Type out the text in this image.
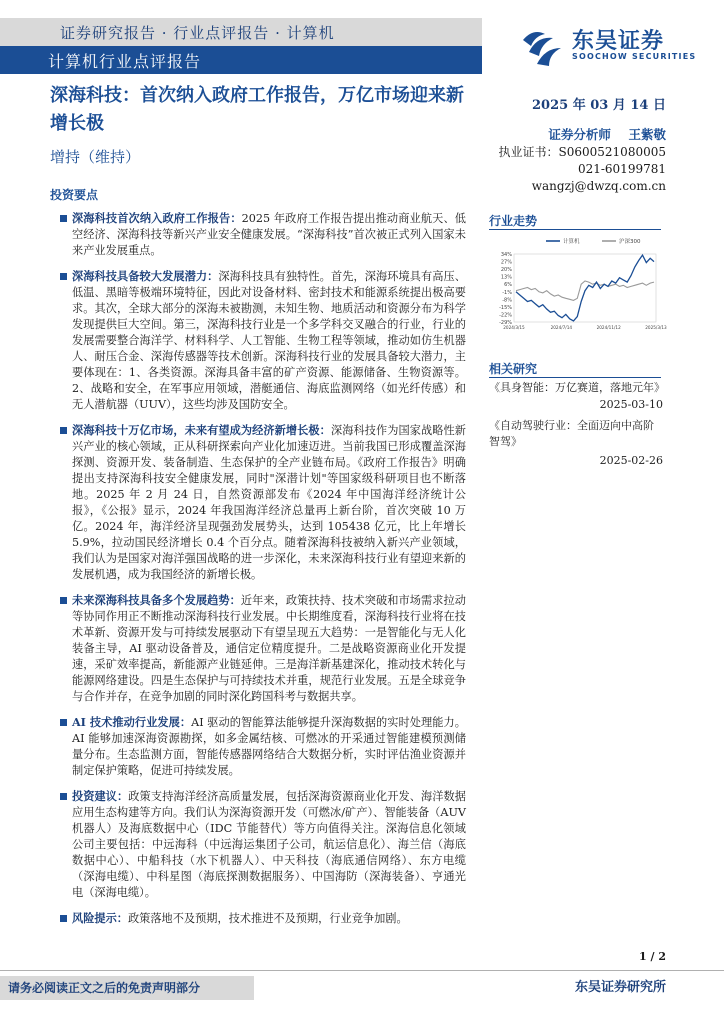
证券研究报告 · 行业点评报告 · 计算机
计算机行业点评报告
东吴证券
SOOCHOW SECURITIES
深海科技：首次纳入政府工作报告，万亿市场迎来新增长极
增持（维持）
2025 年 03 月 14 日
证券分析师 王紫敬
执业证书：S0600521080005
021-60199781
wangzj@dwzq.com.cn
投资要点
深海科技首次纳入政府工作报告：2025 年政府工作报告提出推动商业航天、低空经济、深海科技等新兴产业安全健康发展。“深海科技”首次被正式列入国家未来产业发展重点。
深海科技具备较大发展潜力：深海科技具有独特性。首先，深海环境具有高压、低温、黑暗等极端环境特征，因此对设备材料、密封技术和能源系统提出极高要求。其次，全球大部分的深海未被勘测，未知生物、地质活动和资源分布为科学发现提供巨大空间。第三，深海科技行业是一个多学科交叉融合的行业，行业的发展需要整合海洋学、材料科学、人工智能、生物工程等领域，推动如仿生机器人、耐压合金、深海传感器等技术创新。深海科技行业的发展具备较大潜力，主要体现在：1、各类资源。深海具备丰富的矿产资源、能源储备、生物资源等。2、战略和安全，在军事应用领域，潜艇通信、海底监测网络（如光纤传感）和无人潜航器（UUV），这些均涉及国防安全。
深海科技十万亿市场，未来有望成为经济新增长极：深海科技作为国家战略性新兴产业的核心领域，正从科研探索向产业化加速迈进。当前我国已形成覆盖深海探测、资源开发、装备制造、生态保护的全产业链布局。《政府工作报告》明确提出支持深海科技安全健康发展，同时"深潜计划"等国家级科研项目也不断落地。2025 年 2 月 24 日，自然资源部发布《2024 年中国海洋经济统计公报》，《公报》显示，2024 年我国海洋经济总量再上新台阶，首次突破 10 万亿。2024 年，海洋经济呈现强劲发展势头，达到 105438 亿元，比上年增长 5.9%，拉动国民经济增长 0.4 个百分点。随着深海科技被纳入新兴产业领域，我们认为是国家对海洋强国战略的进一步深化，未来深海科技行业有望迎来新的发展机遇，成为我国经济的新增长极。
未来深海科技具备多个发展趋势：近年来，政策扶持、技术突破和市场需求拉动等协同作用正不断推动深海科技行业发展。中长期维度看，深海科技行业将在技术革新、资源开发与可持续发展驱动下有望呈现五大趋势：一是智能化与无人化装备主导，AI 驱动设备普及，通信定位精度提升。二是战略资源商业化开发提速，采矿效率提高，新能源产业链延伸。三是海洋新基建深化，推动技术转化与能源网络建设。四是生态保护与可持续技术并重，规范行业发展。五是全球竞争与合作并存，在竞争加剧的同时深化跨国科考与数据共享。
AI 技术推动行业发展：AI 驱动的智能算法能够提升深海数据的实时处理能力。AI 能够加速深海资源勘探，如多金属结核、可燃冰的开采通过智能建模预测储量分布。生态监测方面，智能传感器网络结合大数据分析，实时评估渔业资源并制定保护策略，促进可持续发展。
投资建议：政策支持海洋经济高质量发展，包括深海资源商业化开发、海洋数据应用生态构建等方向。我们认为深海资源开发（可燃冰/矿产）、智能装备（AUV 机器人）及海底数据中心（IDC 节能替代）等方向值得关注。深海信息化领域公司主要包括：中远海科（中远海运集团子公司，航运信息化）、海兰信（海底数据中心）、中船科技（水下机器人）、中天科技（海底通信网络）、东方电缆（深海电缆）、中科星图（海底探测数据服务）、中国海防（深海装备）、亨通光电（深海电缆）。
风险提示：政策落地不及预期，技术推进不及预期，行业竞争加剧。
行业走势
34%
27%
20%
13%
6%
-1%
-8%
-15%
-22%
-29%
2024/3/15	2024/7/14	2024/11/12	2025/3/13
计算机	沪深300
相关研究
《具身智能：万亿赛道，落地元年》
2025-03-10
《自动驾驶行业：全面迈向中高阶智驾》
2025-02-26
1 / 2
请务必阅读正文之后的免责声明部分	东吴证券研究所
